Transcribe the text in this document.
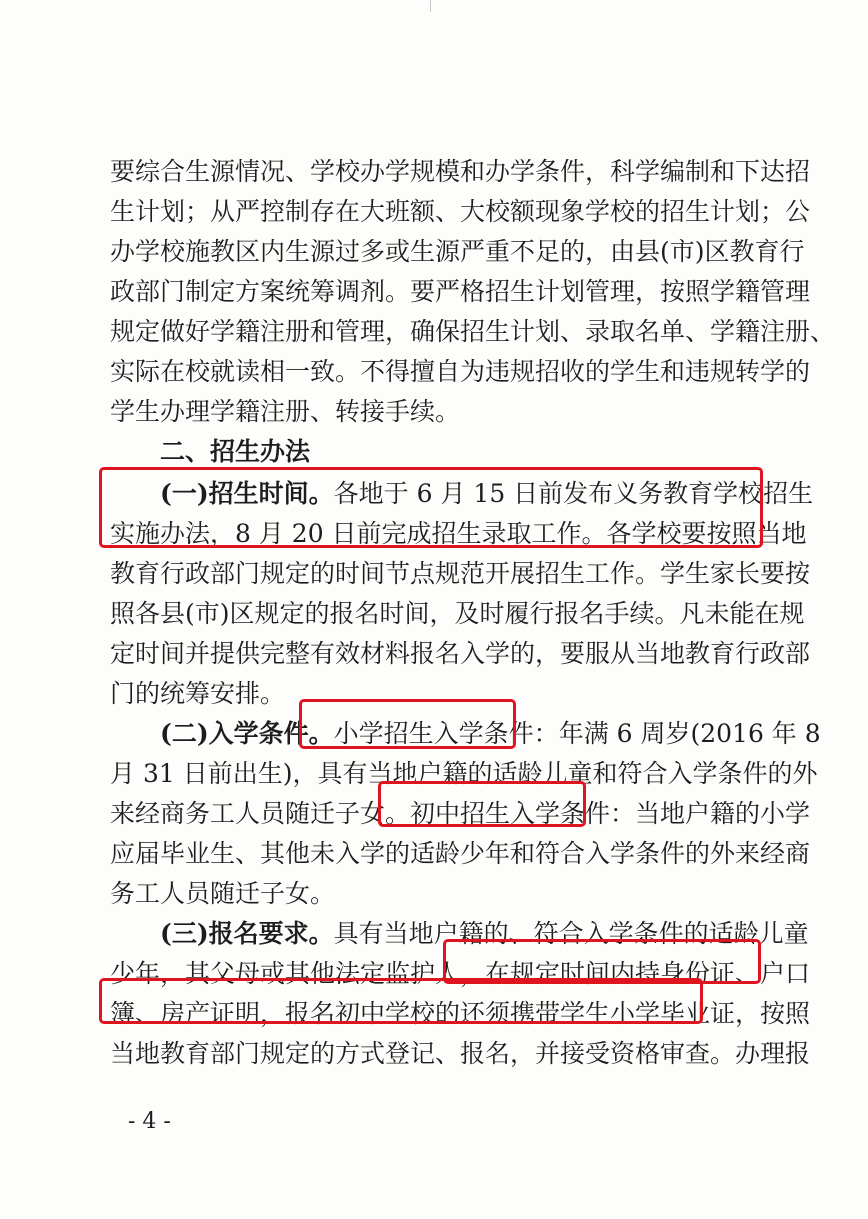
要综合生源情况、学校办学规模和办学条件，科学编制和下达招
生计划；从严控制存在大班额、大校额现象学校的招生计划；公
办学校施教区内生源过多或生源严重不足的，由县(市)区教育行
政部门制定方案统筹调剂。要严格招生计划管理，按照学籍管理
规定做好学籍注册和管理，确保招生计划、录取名单、学籍注册、
实际在校就读相一致。不得擅自为违规招收的学生和违规转学的
学生办理学籍注册、转接手续。
二、招生办法
(一)招生时间。各地于 6 月 15 日前发布义务教育学校招生
实施办法，8 月 20 日前完成招生录取工作。各学校要按照当地
教育行政部门规定的时间节点规范开展招生工作。学生家长要按
照各县(市)区规定的报名时间，及时履行报名手续。凡未能在规
定时间并提供完整有效材料报名入学的，要服从当地教育行政部
门的统筹安排。
(二)入学条件。小学招生入学条件：年满 6 周岁(2016 年 8
月 31 日前出生)，具有当地户籍的适龄儿童和符合入学条件的外
来经商务工人员随迁子女。初中招生入学条件：当地户籍的小学
应届毕业生、其他未入学的适龄少年和符合入学条件的外来经商
务工人员随迁子女。
(三)报名要求。具有当地户籍的、符合入学条件的适龄儿童
少年，其父母或其他法定监护人，在规定时间内持身份证、户口
簿、房产证明，报名初中学校的还须携带学生小学毕业证，按照
当地教育部门规定的方式登记、报名，并接受资格审查。办理报
- 4 -
